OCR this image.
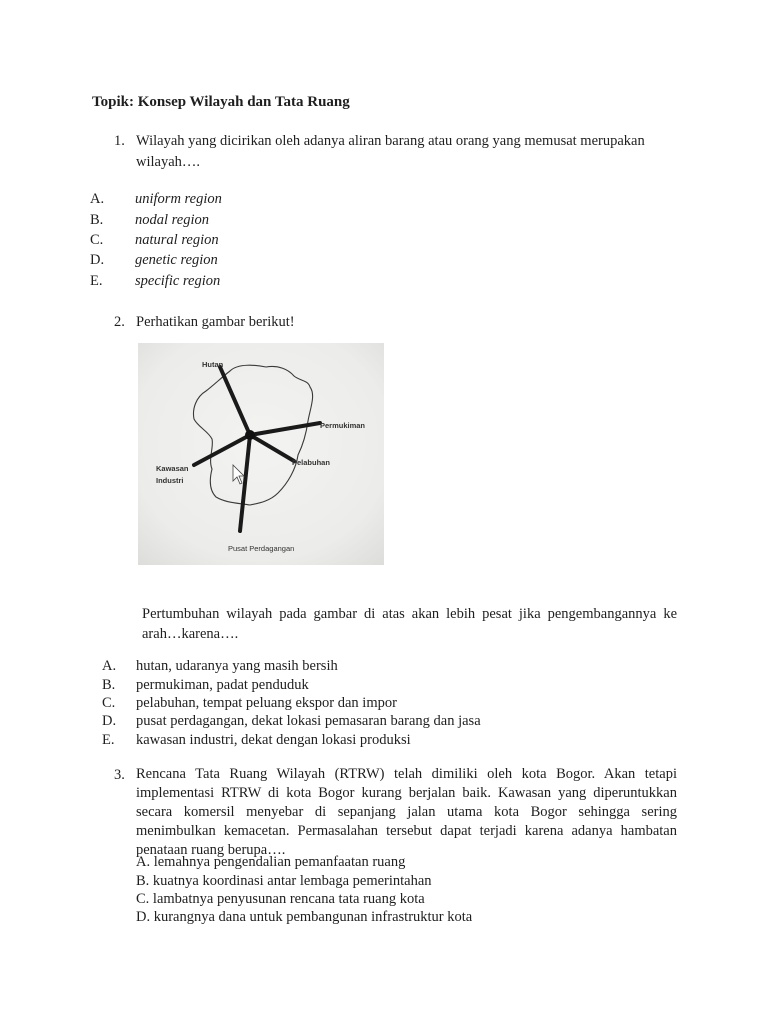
Topik: Konsep Wilayah dan Tata Ruang
1. Wilayah yang dicirikan oleh adanya aliran barang atau orang yang memusat merupakan
wilayah….
A. uniform region
B. nodal region
C. natural region
D. genetic region
E. specific region
2. Perhatikan gambar berikut!
Hutan
Permukiman
Pelabuhan
Kawasan
Industri
Pusat Perdagangan
Pertumbuhan wilayah pada gambar di atas akan lebih pesat jika pengembangannya ke
arah…karena….
A. hutan, udaranya yang masih bersih
B. permukiman, padat penduduk
C. pelabuhan, tempat peluang ekspor dan impor
D. pusat perdagangan, dekat lokasi pemasaran barang dan jasa
E. kawasan industri, dekat dengan lokasi produksi
3. Rencana Tata Ruang Wilayah (RTRW) telah dimiliki oleh kota Bogor. Akan tetapi implementasi RTRW di kota Bogor kurang berjalan baik. Kawasan yang diperuntukkan secara komersil menyebar di sepanjang jalan utama kota Bogor sehingga sering menimbulkan kemacetan. Permasalahan tersebut dapat terjadi karena adanya hambatan penataan ruang berupa….
A. lemahnya pengendalian pemanfaatan ruang
B. kuatnya koordinasi antar lembaga pemerintahan
C. lambatnya penyusunan rencana tata ruang kota
D. kurangnya dana untuk pembangunan infrastruktur kota
